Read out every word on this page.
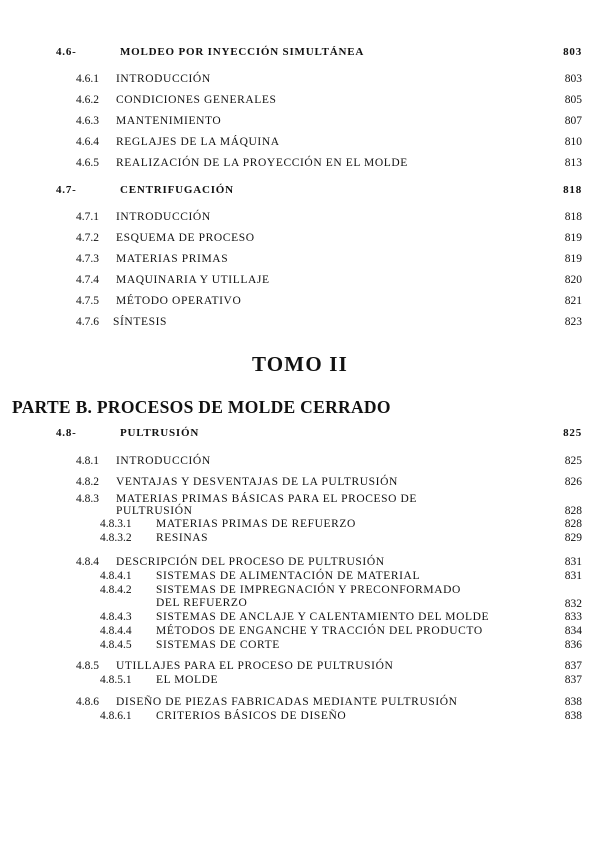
4.6-	MOLDEO POR INYECCIÓN SIMULTÁNEA	803
4.6.1 INTRODUCCIÓN	803
4.6.2 CONDICIONES GENERALES	805
4.6.3 MANTENIMIENTO	807
4.6.4 REGLAJES DE LA MÁQUINA	810
4.6.5 REALIZACIÓN DE LA PROYECCIÓN EN EL MOLDE	813
4.7-	CENTRIFUGACIÓN	818
4.7.1 INTRODUCCIÓN	818
4.7.2 ESQUEMA DE PROCESO	819
4.7.3 MATERIAS PRIMAS	819
4.7.4 MAQUINARIA Y UTILLAJE	820
4.7.5 MÉTODO OPERATIVO	821
4.7.6 SÍNTESIS	823
TOMO II
PARTE B. PROCESOS DE MOLDE CERRADO
4.8-	PULTRUSIÓN	825
4.8.1 INTRODUCCIÓN	825
4.8.2 VENTAJAS Y DESVENTAJAS DE LA PULTRUSIÓN	826
4.8.3 MATERIAS PRIMAS BÁSICAS PARA EL PROCESO DE
PULTRUSIÓN	828
4.8.3.1 MATERIAS PRIMAS DE REFUERZO	828
4.8.3.2 RESINAS	829
4.8.4 DESCRIPCIÓN DEL PROCESO DE PULTRUSIÓN	831
4.8.4.1 SISTEMAS DE ALIMENTACIÓN DE MATERIAL	831
4.8.4.2 SISTEMAS DE IMPREGNACIÓN Y PRECONFORMADO
DEL REFUERZO	832
4.8.4.3 SISTEMAS DE ANCLAJE Y CALENTAMIENTO DEL MOLDE	833
4.8.4.4 MÉTODOS DE ENGANCHE Y TRACCIÓN DEL PRODUCTO	834
4.8.4.5 SISTEMAS DE CORTE	836
4.8.5 UTILLAJES PARA EL PROCESO DE PULTRUSIÓN	837
4.8.5.1 EL MOLDE	837
4.8.6 DISEÑO DE PIEZAS FABRICADAS MEDIANTE PULTRUSIÓN	838
4.8.6.1 CRITERIOS BÁSICOS DE DISEÑO	838
